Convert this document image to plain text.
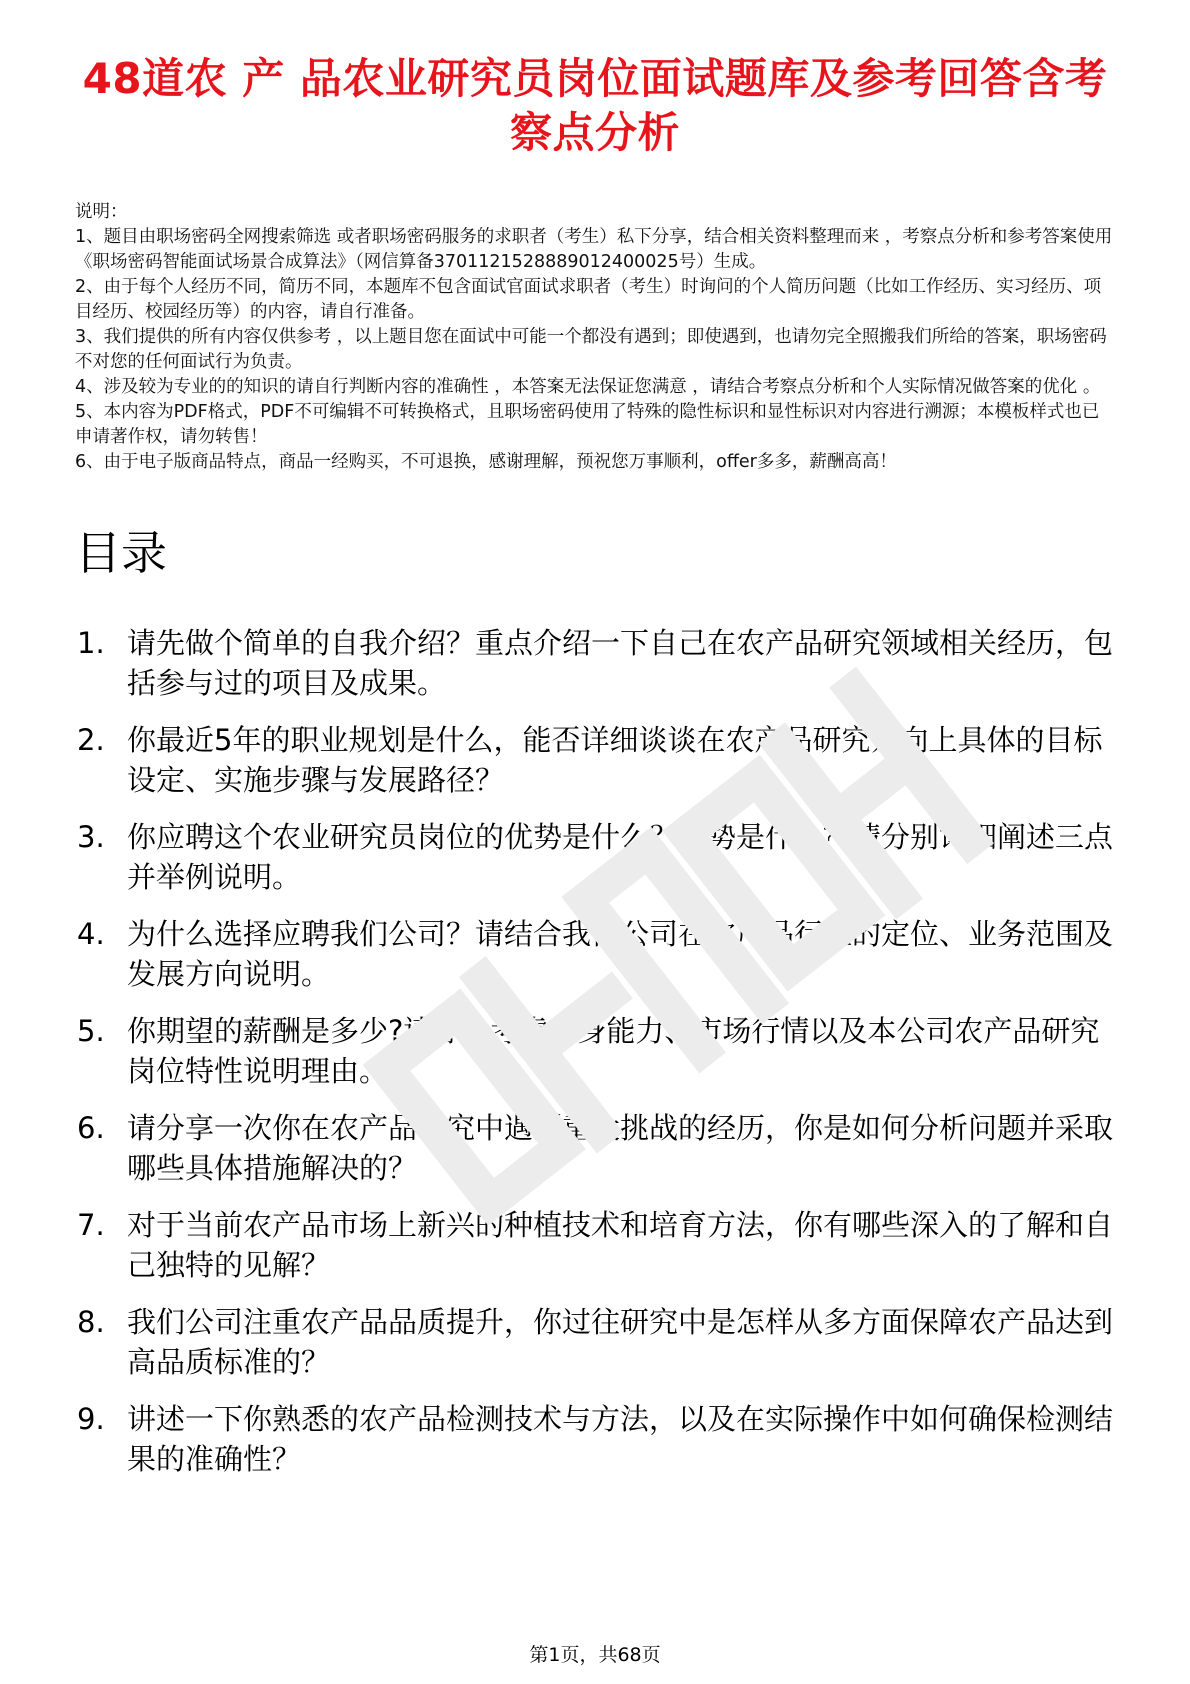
48道农 产 品农业研究员岗位面试题库及参考回答含考察点分析
说明：
1、题目由职场密码全网搜索筛选 或者职场密码服务的求职者（考生）私下分享，结合相关资料整理而来 ，考察点分析和参考答案使用《职场密码智能面试场景合成算法》（网信算备3701121528889012400025号）生成。
2、由于每个人经历不同，简历不同，本题库不包含面试官面试求职者（考生）时询问的个人简历问题（比如工作经历、实习经历、项目经历、校园经历等）的内容，请自行准备。
3、我们提供的所有内容仅供参考 ，以上题目您在面试中可能一个都没有遇到；即使遇到，也请勿完全照搬我们所给的答案，职场密码不对您的任何面试行为负责。
4、涉及较为专业的的知识的请自行判断内容的准确性 ，本答案无法保证您满意 ，请结合考察点分析和个人实际情况做答案的优化 。
5、本内容为PDF格式，PDF不可编辑不可转换格式，且职场密码使用了特殊的隐性标识和显性标识对内容进行溯源；本模板样式也已申请著作权，请勿转售！
6、由于电子版商品特点，商品一经购买，不可退换，感谢理解，预祝您万事顺利，offer多多，薪酬高高！
目录
1. 请先做个简单的自我介绍？重点介绍一下自己在农产品研究领域相关经历，包括参与过的项目及成果。
2. 你最近5年的职业规划是什么，能否详细谈谈在农产品研究方向上具体的目标设定、实施步骤与发展路径？
3. 你应聘这个农业研究员岗位的优势是什么？劣势是什么？请分别详细阐述三点并举例说明。
4. 为什么选择应聘我们公司？请结合我们公司在农产品行业的定位、业务范围及发展方向说明。
5. 你期望的薪酬是多少?请综合考虑自身能力、市场行情以及本公司农产品研究岗位特性说明理由。
6. 请分享一次你在农产品研究中遇到重大挑战的经历，你是如何分析问题并采取哪些具体措施解决的？
7. 对于当前农产品市场上新兴的种植技术和培育方法，你有哪些深入的了解和自己独特的见解？
8. 我们公司注重农产品品质提升，你过往研究中是怎样从多方面保障农产品达到高品质标准的？
9. 讲述一下你熟悉的农产品检测技术与方法，以及在实际操作中如何确保检测结果的准确性？
第1页，共68页
